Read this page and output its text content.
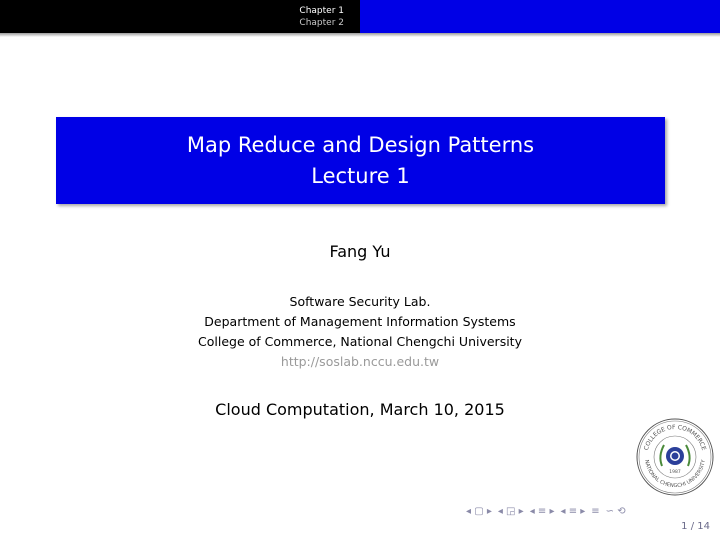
Chapter 1
Chapter 2
Map Reduce and Design Patterns
Lecture 1
Fang Yu
Software Security Lab.
Department of Management Information Systems
College of Commerce, National Chengchi University
http://soslab.nccu.edu.tw
Cloud Computation, March 10, 2015
COLLEGE OF COMMERCE
NATIONAL CHENGCHI UNIVERSITY
1987
◂ ▢ ▸ ◂ ◲ ▸ ◂ ≡ ▸ ◂ ≡ ▸ ≡ ∽ ⟲
1 / 14
